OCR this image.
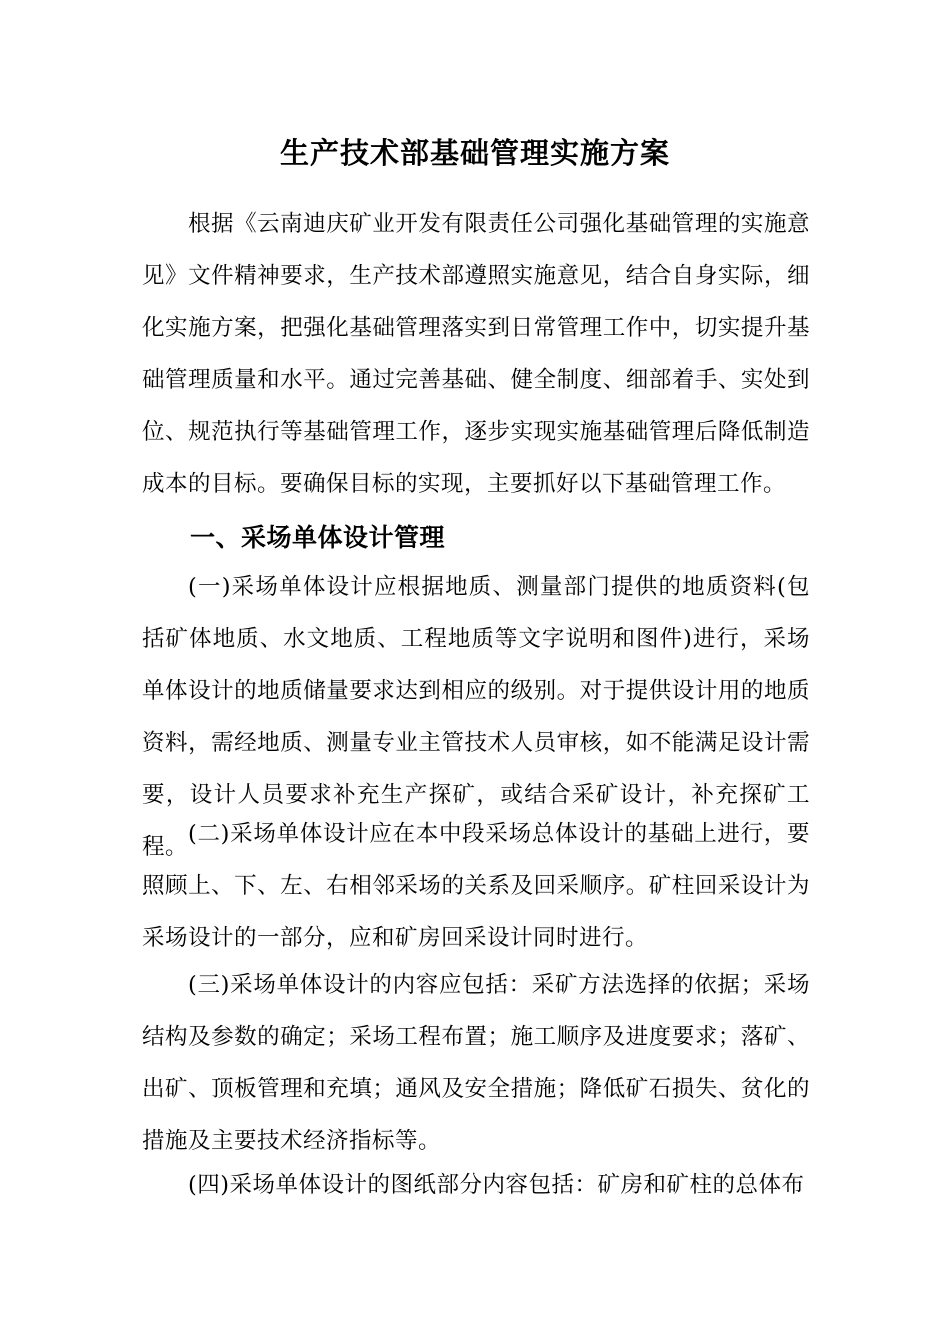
生产技术部基础管理实施方案

根据《云南迪庆矿业开发有限责任公司强化基础管理的实施意见》文件精神要求，生产技术部遵照实施意见，结合自身实际，细化实施方案，把强化基础管理落实到日常管理工作中，切实提升基础管理质量和水平。通过完善基础、健全制度、细部着手、实处到位、规范执行等基础管理工作，逐步实现实施基础管理后降低制造成本的目标。要确保目标的实现，主要抓好以下基础管理工作。

一、采场单体设计管理

(一)采场单体设计应根据地质、测量部门提供的地质资料(包括矿体地质、水文地质、工程地质等文字说明和图件)进行，采场单体设计的地质储量要求达到相应的级别。对于提供设计用的地质资料，需经地质、测量专业主管技术人员审核，如不能满足设计需要，设计人员要求补充生产探矿，或结合采矿设计，补充探矿工程。 (二)采场单体设计应在本中段采场总体设计的基础上进行，要照顾上、下、左、右相邻采场的关系及回采顺序。矿柱回采设计为采场设计的一部分，应和矿房回采设计同时进行。

(三)采场单体设计的内容应包括：采矿方法选择的依据；采场结构及参数的确定；采场工程布置；施工顺序及进度要求；落矿、出矿、顶板管理和充填；通风及安全措施；降低矿石损失、贫化的措施及主要技术经济指标等。

(四)采场单体设计的图纸部分内容包括：矿房和矿柱的总体布
